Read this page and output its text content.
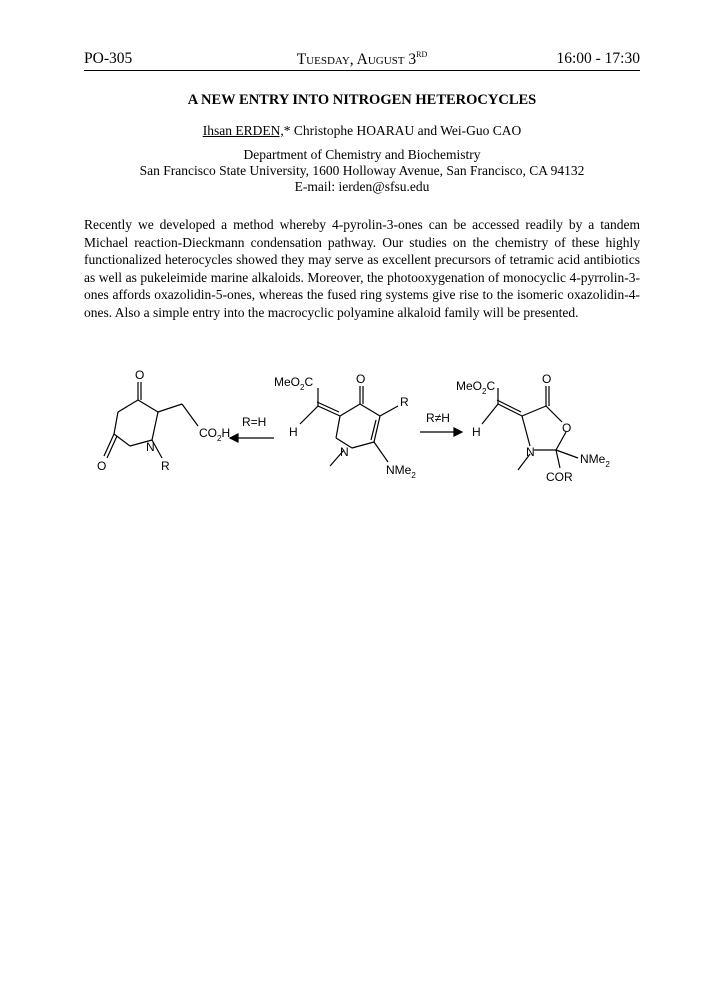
PO-305	Tuesday, August 3RD	16:00 - 17:30
A NEW ENTRY INTO NITROGEN HETEROCYCLES
Ihsan ERDEN,* Christophe HOARAU and Wei-Guo CAO
Department of Chemistry and Biochemistry
San Francisco State University, 1600 Holloway Avenue, San Francisco, CA 94132
E-mail: ierden@sfsu.edu
Recently we developed a method whereby 4-pyrolin-3-ones can be accessed readily by a tandem Michael reaction-Dieckmann condensation pathway. Our studies on the chemistry of these highly functionalized heterocycles showed they may serve as excellent precursors of tetramic acid antibiotics as well as pukeleimide marine alkaloids. Moreover, the photooxygenation of monocyclic 4-pyrrolin-3-ones affords oxazolidin-5-ones, whereas the fused ring systems give rise to the isomeric oxazolidin-4-ones. Also a simple entry into the macrocyclic polyamine alkaloid family will be presented.
O
O
N
R
$CO_2H$
R=H
MeO$_2$C	O
R
H
N
NMe$_2$
R≠H
MeO$_2$C	O
O
H
N	NMe$_2$
COR
